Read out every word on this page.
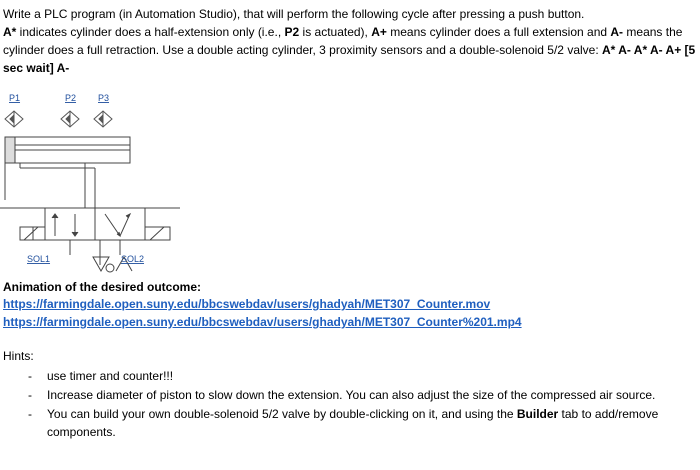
Write a PLC program (in Automation Studio), that will perform the following cycle after pressing a push button.
A* indicates cylinder does a half-extension only (i.e., P2 is actuated), A+ means cylinder does a full extension and A- means the cylinder does a full retraction. Use a double acting cylinder, 3 proximity sensors and a double-solenoid 5/2 valve: A* A- A* A- A+ [5 sec wait] A-

P1	P2 P3
SOL1	SOL2

Animation of the desired outcome:

https://farmingdale.open.suny.edu/bbcswebdav/users/ghadyah/MET307_Counter.mov
https://farmingdale.open.suny.edu/bbcswebdav/users/ghadyah/MET307_Counter%201.mp4
Hints:
- use timer and counter!!!
- Increase diameter of piston to slow down the extension. You can also adjust the size of the compressed air source.
- You can build your own double-solenoid 5/2 valve by double-clicking on it, and using the Builder tab to add/remove components.
